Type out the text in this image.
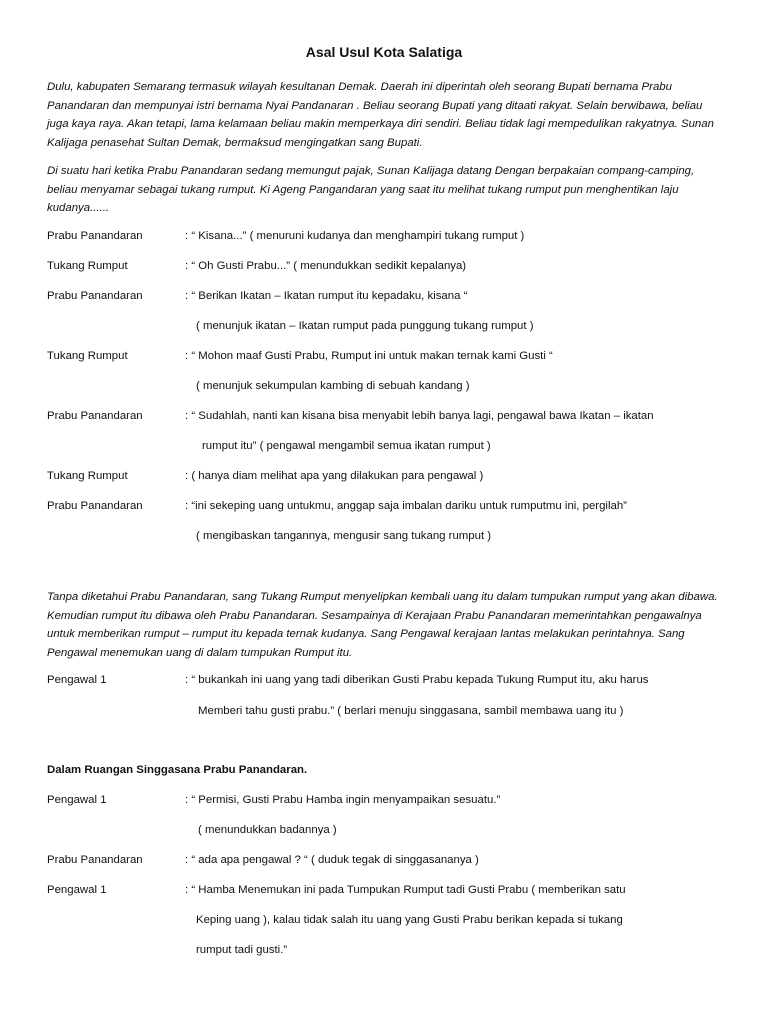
Asal Usul Kota Salatiga
Dulu, kabupaten Semarang termasuk wilayah kesultanan Demak. Daerah ini diperintah oleh seorang Bupati bernama Prabu Panandaran dan mempunyai istri bernama Nyai Pandanaran . Beliau seorang Bupati yang ditaati rakyat. Selain berwibawa, beliau juga kaya raya. Akan tetapi, lama kelamaan beliau makin memperkaya diri sendiri. Beliau tidak lagi mempedulikan rakyatnya. Sunan Kalijaga penasehat Sultan Demak, bermaksud mengingatkan sang Bupati.
Di suatu hari ketika Prabu Panandaran sedang memungut pajak, Sunan Kalijaga datang Dengan berpakaian compang-camping, beliau menyamar sebagai tukang rumput. Ki Ageng Pangandaran yang saat itu melihat tukang rumput pun menghentikan laju kudanya......
Prabu Panandaran	: “ Kisana...” ( menuruni kudanya dan menghampiri tukang rumput )
Tukang Rumput	: “ Oh Gusti Prabu...” ( menundukkan sedikit kepalanya)
Prabu Panandaran	: “ Berikan Ikatan – Ikatan rumput itu kepadaku, kisana “
( menunjuk ikatan – Ikatan rumput pada punggung tukang rumput )
Tukang Rumput	: “ Mohon maaf Gusti Prabu, Rumput ini untuk makan ternak kami Gusti “
( menunjuk sekumpulan kambing di sebuah kandang )
Prabu Panandaran	: “ Sudahlah, nanti kan kisana bisa menyabit lebih banya lagi, pengawal bawa Ikatan – ikatan
rumput itu” ( pengawal mengambil semua ikatan rumput )
Tukang Rumput	: ( hanya diam melihat apa yang dilakukan para pengawal )
Prabu Panandaran	: “ini sekeping uang untukmu, anggap saja imbalan dariku untuk rumputmu ini, pergilah”
( mengibaskan tangannya, mengusir sang tukang rumput )
Tanpa diketahui Prabu Panandaran, sang Tukang Rumput menyelipkan kembali uang itu dalam tumpukan rumput yang akan dibawa. Kemudian rumput itu dibawa oleh Prabu Panandaran. Sesampainya di Kerajaan Prabu Panandaran memerintahkan pengawalnya untuk memberikan rumput – rumput itu kepada ternak kudanya. Sang Pengawal kerajaan lantas melakukan perintahnya. Sang Pengawal menemukan uang di dalam tumpukan Rumput itu.
Pengawal 1	: “ bukankah ini uang yang tadi diberikan Gusti Prabu kepada Tukung Rumput itu, aku harus
Memberi tahu gusti prabu.” ( berlari menuju singgasana, sambil membawa uang itu )
Dalam Ruangan Singgasana Prabu Panandaran.
Pengawal 1	: “ Permisi, Gusti Prabu Hamba ingin menyampaikan sesuatu.”
( menundukkan badannya )
Prabu Panandaran	: “ ada apa pengawal ? “ ( duduk tegak di singgasananya )
Pengawal 1	: “ Hamba Menemukan ini pada Tumpukan Rumput tadi Gusti Prabu ( memberikan satu
Keping uang ), kalau tidak salah itu uang yang Gusti Prabu berikan kepada si tukang
rumput tadi gusti.”
